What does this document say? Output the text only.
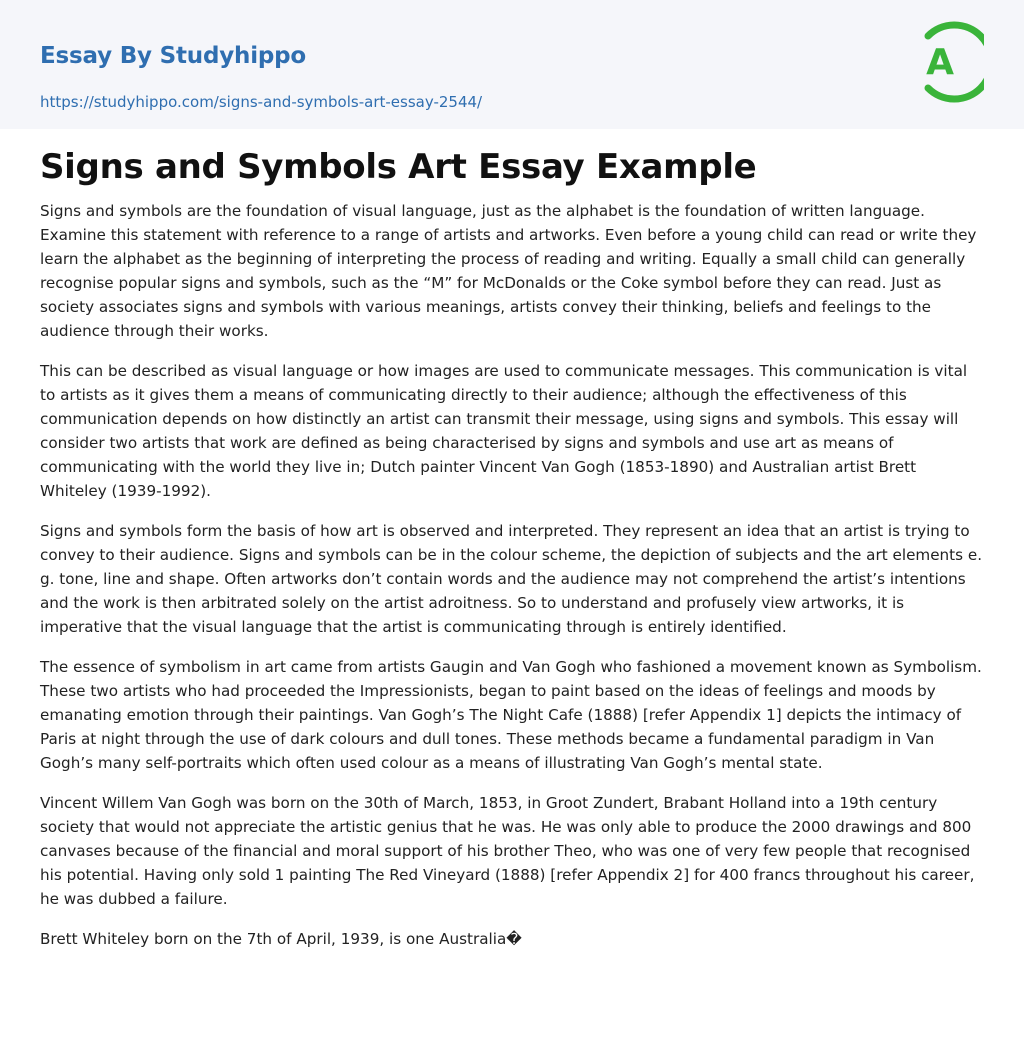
Essay By Studyhippo
https://studyhippo.com/signs-and-symbols-art-essay-2544/
A
Signs and Symbols Art Essay Example

Signs and symbols are the foundation of visual language, just as the alphabet is the foundation of written language. Examine this statement with reference to a range of artists and artworks. Even before a young child can read or write they learn the alphabet as the beginning of interpreting the process of reading and writing. Equally a small child can generally recognise popular signs and symbols, such as the “M” for McDonalds or the Coke symbol before they can read. Just as society associates signs and symbols with various meanings, artists convey their thinking, beliefs and feelings to the audience through their works.

This can be described as visual language or how images are used to communicate messages. This communication is vital to artists as it gives them a means of communicating directly to their audience; although the effectiveness of this communication depends on how distinctly an artist can transmit their message, using signs and symbols. This essay will consider two artists that work are defined as being characterised by signs and symbols and use art as means of communicating with the world they live in; Dutch painter Vincent Van Gogh (1853-1890) and Australian artist Brett Whiteley (1939-1992).

Signs and symbols form the basis of how art is observed and interpreted. They represent an idea that an artist is trying to convey to their audience. Signs and symbols can be in the colour scheme, the depiction of subjects and the art elements e. g. tone, line and shape. Often artworks don’t contain words and the audience may not comprehend the artist’s intentions and the work is then arbitrated solely on the artist adroitness. So to understand and profusely view artworks, it is imperative that the visual language that the artist is communicating through is entirely identified.

The essence of symbolism in art came from artists Gaugin and Van Gogh who fashioned a movement known as Symbolism. These two artists who had proceeded the Impressionists, began to paint based on the ideas of feelings and moods by emanating emotion through their paintings. Van Gogh’s The Night Cafe (1888) [refer Appendix 1] depicts the intimacy of Paris at night through the use of dark colours and dull tones. These methods became a fundamental paradigm in Van Gogh’s many self-portraits which often used colour as a means of illustrating Van Gogh’s mental state.

Vincent Willem Van Gogh was born on the 30th of March, 1853, in Groot Zundert, Brabant Holland into a 19th century society that would not appreciate the artistic genius that he was. He was only able to produce the 2000 drawings and 800 canvases because of the financial and moral support of his brother Theo, who was one of very few people that recognised his potential. Having only sold 1 painting The Red Vineyard (1888) [refer Appendix 2] for 400 francs throughout his career, he was dubbed a failure.

Brett Whiteley born on the 7th of April, 1939, is one Australia�
